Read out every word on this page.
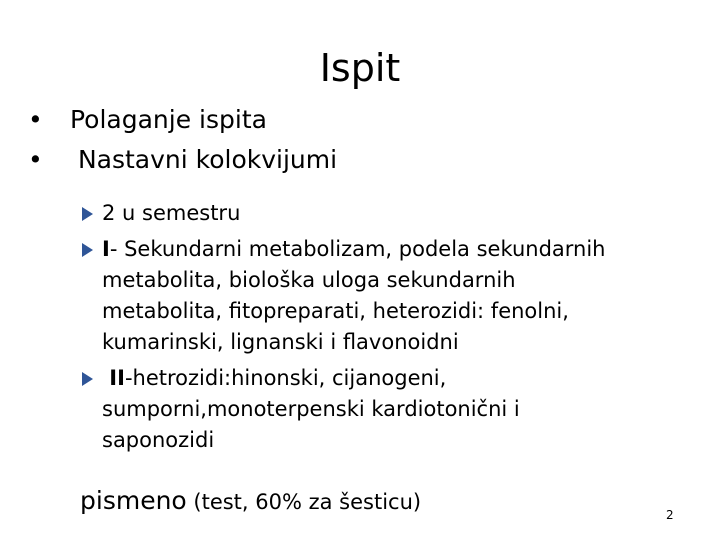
Ispit
• Polaganje ispita
• Nastavni kolokvijumi
2 u semestru
I- Sekundarni metabolizam, podela sekundarnih
metabolita, biološka uloga sekundarnih
metabolita, fitopreparati, heterozidi: fenolni,
kumarinski, lignanski i flavonoidni
II-hetrozidi:hinonski, cijanogeni,
sumporni,monoterpenski kardiotonični i
saponozidi
pismeno (test, 60% za šesticu)
2
